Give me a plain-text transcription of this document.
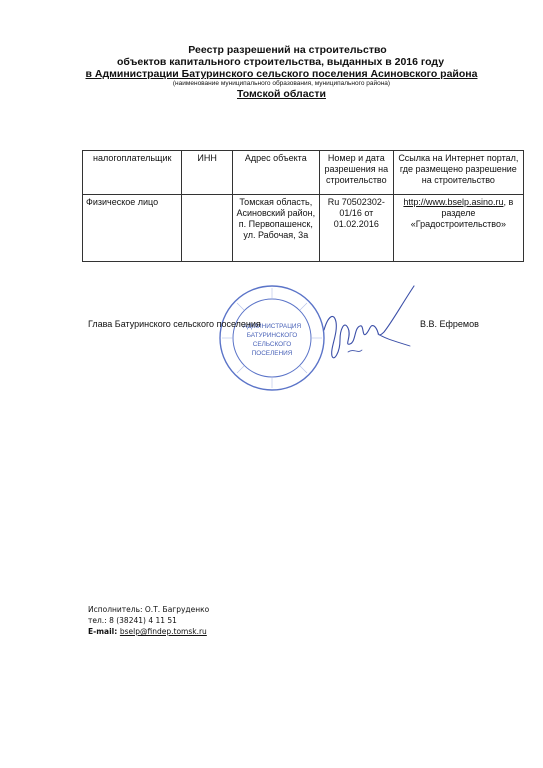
Реестр разрешений на строительство
объектов капитального строительства, выданных в 2016 году
в Администрации Батуринского сельского поселения Асиновского района
(наименование муниципального образования, муниципального района)
Томской области
налогоплательщик	ИНН	Адрес объекта	Номер и дата разрешения на строительство	Ссылка на Интернет портал, где размещено разрешение на строительство
Физическое лицо		Томская область, Асиновский район, п. Первопашенск, ул. Рабочая, 3а	Ru 70502302-01/16 от 01.02.2016	http://www.bselp.asino.ru, в разделе «Градостроительство»
АДМИНИСТРАЦИЯ
БАТУРИНСКОГО
СЕЛЬСКОГО
ПОСЕЛЕНИЯ
Глава Батуринского сельского поселения	В.В. Ефремов
Исполнитель: О.Т. Багруденко
тел.: 8 (38241) 4 11 51
E-mail: bselp@findep.tomsk.ru
